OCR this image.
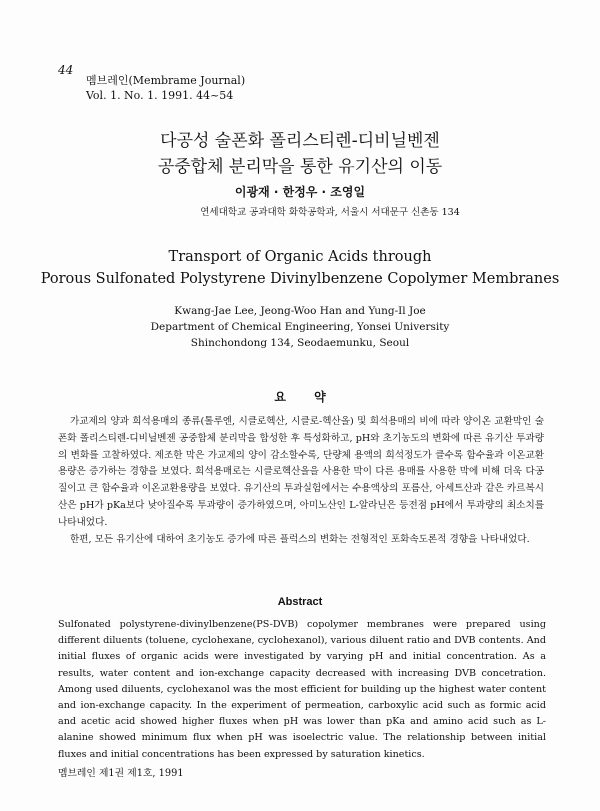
44
멤브레인(Membrame Journal)
Vol. 1. No. 1. 1991. 44~54
다공성 술폰화 폴리스티렌-디비닐벤젠
공중합체 분리막을 통한 유기산의 이동
이광재 · 한정우 · 조영일
연세대학교 공과대학 화학공학과, 서울시 서대문구 신촌동 134
Transport of Organic Acids through
Porous Sulfonated Polystyrene Divinylbenzene Copolymer Membranes
Kwang-Jae Lee, Jeong-Woo Han and Yung-Il Joe
Department of Chemical Engineering, Yonsei University
Shinchondong 134, Seodaemunku, Seoul
요 약

가교제의 양과 희석용매의 종류(톨루엔, 시클로헥산, 시클로-헥산올) 및 희석용매의 비에 따라 양이온 교환막인 술폰화 폴리스티렌-디비닐벤젠 공중합체 분리막을 합성한 후 특성화하고, pH와 초기농도의 변화에 따른 유기산 투과량의 변화를 고찰하였다. 제조한 막은 가교제의 양이 감소할수록, 단량체 용액의 희석정도가 클수록 함수율과 이온교환용량은 증가하는 경향을 보였다. 희석용매로는 시클로헥산올을 사용한 막이 다른 용매를 사용한 막에 비해 더욱 다공질이고 큰 함수율과 이온교환용량을 보였다. 유기산의 투과실험에서는 수용액상의 포름산, 아세트산과 같은 카르복시산은 pH가 pKa보다 낮아질수록 투과량이 증가하였으며, 아미노산인 L-알라닌은 등전점 pH에서 투과량의 최소치를 나타내었다.

한편, 모든 유기산에 대하여 초기농도 증가에 따른 플럭스의 변화는 전형적인 포화속도론적 경향을 나타내었다.

Abstract

Sulfonated polystyrene-divinylbenzene(PS-DVB) copolymer membranes were prepared using different diluents (toluene, cyclohexane, cyclohexanol), various diluent ratio and DVB contents. And initial fluxes of organic acids were investigated by varying pH and initial concentration. As a results, water content and ion-exchange capacity decreased with increasing DVB concetration. Among used diluents, cyclohexanol was the most efficient for building up the highest water content and ion-exchange capacity. In the experiment of permeation, carboxylic acid such as formic acid and acetic acid showed higher fluxes when pH was lower than pKa and amino acid such as L-alanine showed minimum flux when pH was isoelectric value. The relationship between initial fluxes and initial concentrations has been expressed by saturation kinetics.

멤브레인 제1권 제1호, 1991
